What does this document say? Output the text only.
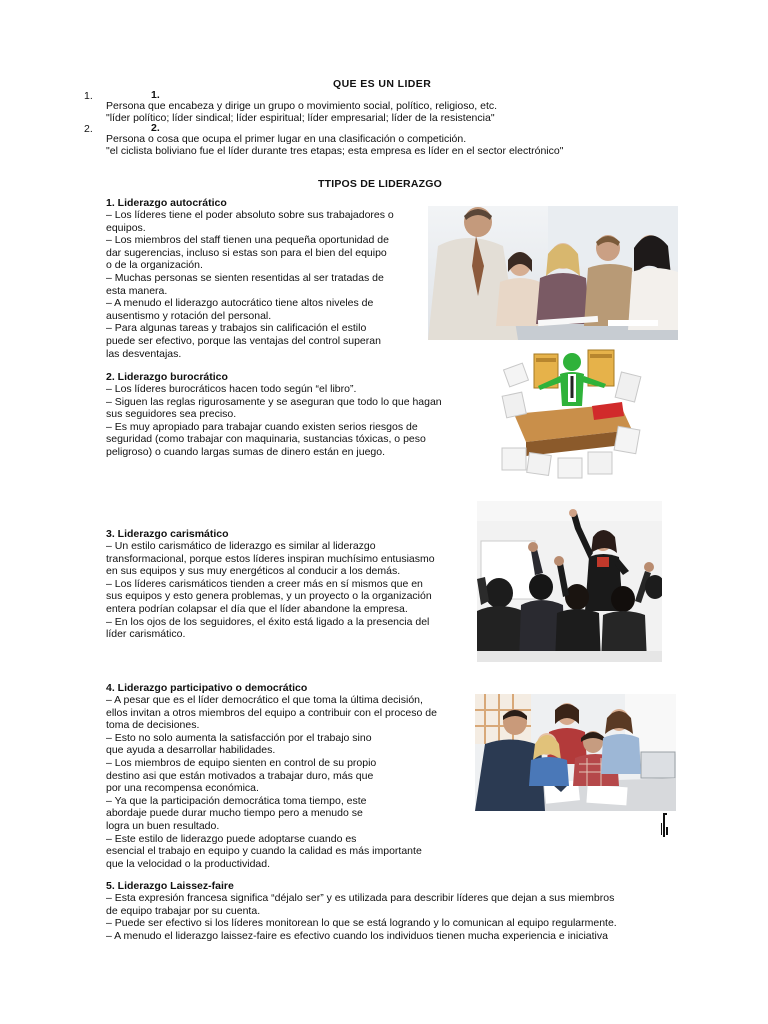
QUE ES UN LIDER
1.	1.
Persona que encabeza y dirige un grupo o movimiento social, político, religioso, etc.
"líder político; líder sindical; líder espiritual; líder empresarial; líder de la resistencia"
2.	2.
Persona o cosa que ocupa el primer lugar en una clasificación o competición.
"el ciclista boliviano fue el líder durante tres etapas; esta empresa es líder en el sector electrónico"
TTIPOS DE LIDERAZGO
1. Liderazgo autocrático
– Los líderes tiene el poder absoluto sobre sus trabajadores o
equipos.
– Los miembros del staff tienen una pequeña oportunidad de
dar sugerencias, incluso si estas son para el bien del equipo
o de la organización.
– Muchas personas se sienten resentidas al ser tratadas de
esta manera.
– A menudo el liderazgo autocrático tiene altos niveles de
ausentismo y rotación del personal.
– Para algunas tareas y trabajos sin calificación el estilo
puede ser efectivo, porque las ventajas del control superan
las desventajas.
2. Liderazgo burocrático
– Los líderes burocráticos hacen todo según “el libro”.
– Siguen las reglas rigurosamente y se aseguran que todo lo que hagan
sus seguidores sea preciso.
– Es muy apropiado para trabajar cuando existen serios riesgos de
seguridad (como trabajar con maquinaria, sustancias tóxicas, o peso
peligroso) o cuando largas sumas de dinero están en juego.
3. Liderazgo carismático
– Un estilo carismático de liderazgo es similar al liderazgo
transformacional, porque estos líderes inspiran muchísimo entusiasmo
en sus equipos y sus muy energéticos al conducir a los demás.
– Los líderes carismáticos tienden a creer más en sí mismos que en
sus equipos y esto genera problemas, y un proyecto o la organización
entera podrían colapsar el día que el líder abandone la empresa.
– En los ojos de los seguidores, el éxito está ligado a la presencia del
líder carismático.
4. Liderazgo participativo o democrático
– A pesar que es el líder democrático el que toma la última decisión,
ellos invitan a otros miembros del equipo a contribuir con el proceso de
toma de decisiones.
– Esto no solo aumenta la satisfacción por el trabajo sino
que ayuda a desarrollar habilidades.
– Los miembros de equipo sienten en control de su propio
destino asi que están motivados a trabajar duro, más que
por una recompensa económica.
– Ya que la participación democrática toma tiempo, este
abordaje puede durar mucho tiempo pero a menudo se
logra un buen resultado.
– Este estilo de liderazgo puede adoptarse cuando es
esencial el trabajo en equipo y cuando la calidad es más importante
que la velocidad o la productividad.
5. Liderazgo Laissez-faire
– Esta expresión francesa significa “déjalo ser” y es utilizada para describir líderes que dejan a sus miembros
de equipo trabajar por su cuenta.
– Puede ser efectivo si los líderes monitorean lo que se está logrando y lo comunican al equipo regularmente.
– A menudo el liderazgo laissez-faire es efectivo cuando los individuos tienen mucha experiencia e iniciativa
